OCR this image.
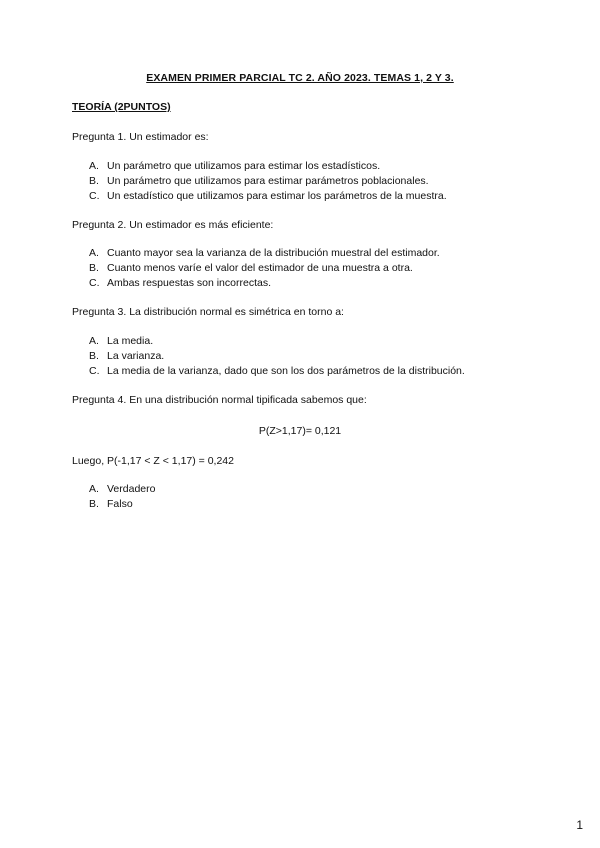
EXAMEN PRIMER PARCIAL TC 2. AÑO 2023. TEMAS 1, 2 Y 3.
TEORÍA (2PUNTOS)
Pregunta 1. Un estimador es:
A. Un parámetro que utilizamos para estimar los estadísticos.
B. Un parámetro que utilizamos para estimar parámetros poblacionales.
C. Un estadístico que utilizamos para estimar los parámetros de la muestra.
Pregunta 2. Un estimador es más eficiente:
A. Cuanto mayor sea la varianza de la distribución muestral del estimador.
B. Cuanto menos varíe el valor del estimador de una muestra a otra.
C. Ambas respuestas son incorrectas.
Pregunta 3. La distribución normal es simétrica en torno a:
A. La media.
B. La varianza.
C. La media de la varianza, dado que son los dos parámetros de la distribución.
Pregunta 4. En una distribución normal tipificada sabemos que:
P(Z>1,17)= 0,121
Luego, P(-1,17 < Z < 1,17) = 0,242
A. Verdadero
B. Falso
1
